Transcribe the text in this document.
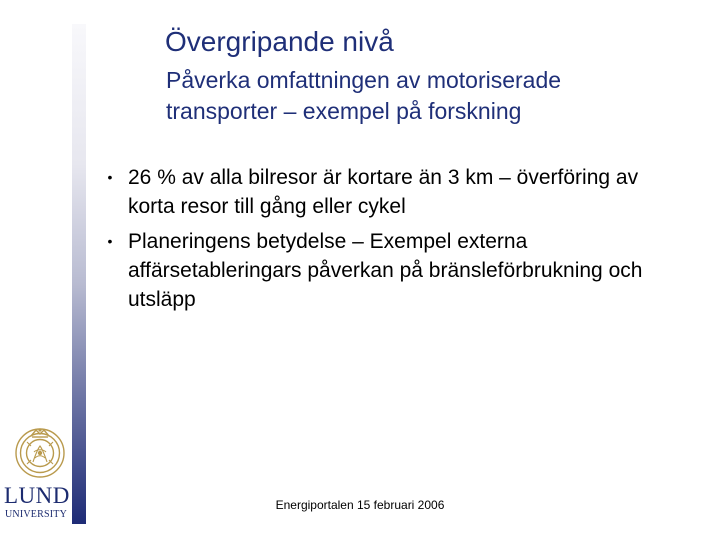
Övergripande nivå
Påverka omfattningen av motoriserade transporter – exempel på forskning
• 26 % av alla bilresor är kortare än 3 km – överföring av korta resor till gång eller cykel
• Planeringens betydelse – Exempel externa affärsetableringars påverkan på bränsleförbrukning och utsläpp
LUND
UNIVERSITY
Energiportalen 15 februari 2006
